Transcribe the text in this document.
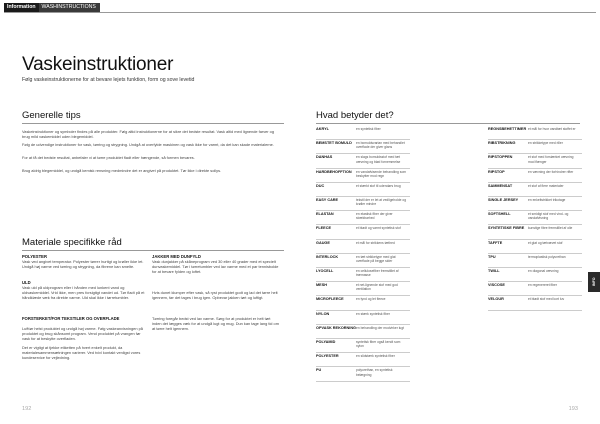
Information	WASHINSTRUCTIONS
Vaskeinstruktioner
Følg vaskeinstruktionerne for at bevare lejets funktion, form og sove levetid
Generelle tips
Vaskeinstruktioner og symboler findes på alle produkter. Følg altid instruktionerne for at sikre det bedste resultat. Vask altid med lignende farver og brug mild vaskemiddel uden blegemiddel.
Følg de udvendige instruktioner for vask, tørring og strygning. Undgå at overfylde maskinen og vask ikke for varmt, da det kan skade materialerne.
For at få det bedste resultat, anbefaler vi at tørre produktet fladt eller hængende, så formen bevares.
Brug aldrig blegemiddel, og undgå kemisk rensning medmindre det er angivet på produktet. Tør ikke i direkte sollys.
Materiale specifikke råd
POLYESTER
Vask ved angivet temperatur. Polyester tørrer hurtigt og krøller ikke let. Undgå høj varme ved tørring og strygning, da fibrene kan smelte.
ULD
Vask uld på uldprogram eller i hånden med lunkent vand og uldvaskemiddel. Vrid ikke, men pres forsigtigt vandet ud. Tør fladt på et håndklæde væk fra direkte varme. Uld skal ikke i tørretumbler.
FORSTERKET/FOR TEKSTILER OG OVERFLADE
Lufttør helst produktet og undgå høj varme. Følg vaskeanvisningen på produktet og brug skånsomt program. Vend produktet på vrangen før vask for at beskytte overfladen.
Det er vigtigt at tjekke etiketten på hvert enkelt produkt, da materialesammensætningen varierer. Ved tvivl kontakt venligst vores kundeservice for vejledning.
JAKKER MED DUNFYLD
Vask dunjakker på skåneprogram ved 30 eller 40 grader med et specielt dunvaskemiddel. Tør i tørretumbler ved lav varme med et par tennisbolde for at bevare fylden og loftet.
Hvis dunet klumper efter vask, så ryst produktet godt og lad det tørre helt igennem, før det tages i brug igen. Opbevar jakken tørt og luftigt.
Tørring foregår bedst ved lav varme. Sørg for at produktet er helt tørt inden det lægges væk for at undgå lugt og mug. Dun kan tage lang tid om at tørre helt igennem.
192
Hvad betyder det?
AKRYL	en syntetisk fiber
BEMSTET BOMULD	en bomuldsvarian med behandlet overflade der giver glans
DANHAS	en slags bomuldsstof med tæt vævning og blød fornemmelse
HARDBEHOFFTION	en vandafvisende behandling som beskytter mod regn
DUC	et stærkt stof til udendørs brug
EASY CARE	tekstil der er let at vedligeholde og krøller mindre
ELASTAN	en elastisk fiber der giver strækbarhed
FLEECE	et blødt og varmt syntetisk stof
GAUGE	et mål for strikkens tæthed
INTERLOCK	en tæt strikketype med glat overflade på begge sider
LYOCELL	en cellulosefiber fremstillet af træmasse
MESH	et net-lignende stof med god ventilation
MICROFLEECE	en tynd og let fleece
NYLON	en stærk syntetisk fiber
OPVASK REKORNING en behandling der modvirker lugt
POLYAMID	syntetisk fiber også kendt som nylon
POLYESTER	en slidstærk syntetisk fiber
PU	polyurethan, en syntetisk belægning
REGNSBEHETTIMER et mål for hvor vandtæt stoffet er
RIBSTRIKNING	en strikketype med riller
RIPSTOPPEN	et stof med forstærket vævning mod flænger
RIPSTOP	en vævning der forhindrer rifter
SAMMENSAT	et stof af flere materialer
SINGLE JERSEY	en enkeltstrikket trikotage
SOFTSHELL	et smidigt stof med vind- og vandafvisning
SYNTETISKE FIBRE	kunstige fibre fremstillet af olie
TAFFTE	et glat og tætvævet stof
TPU	termoplastisk polyurethan
TWILL	en diagonal vævning
VISCOSE	en regenereret fiber
VELOUR	et blødt stof med kort luv
193
INFO
